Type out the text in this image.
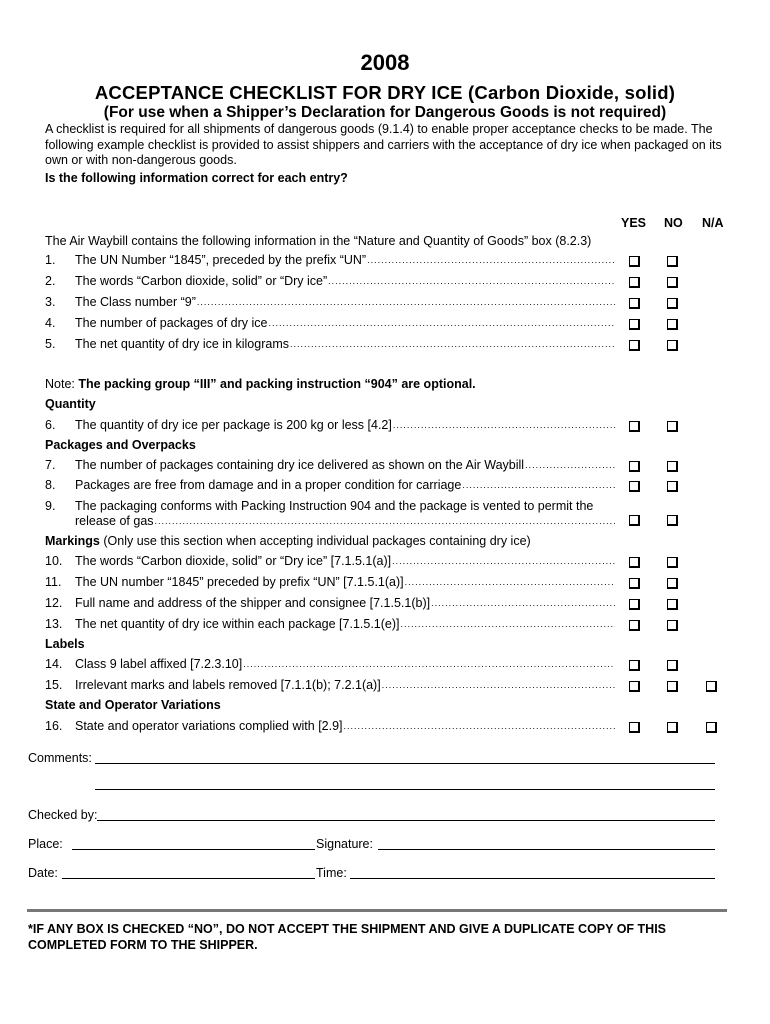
2008
ACCEPTANCE CHECKLIST FOR DRY ICE (Carbon Dioxide, solid)
(For use when a Shipper’s Declaration for Dangerous Goods is not required)
A checklist is required for all shipments of dangerous goods (9.1.4) to enable proper acceptance checks to be made. The following example checklist is provided to assist shippers and carriers with the acceptance of dry ice when packaged on its own or with non-dangerous goods.
Is the following information correct for each entry?
YES NO N/A
The Air Waybill contains the following information in the “Nature and Quantity of Goods” box (8.2.3)
1. The UN Number “1845”, preceded by the prefix “UN”
.....
2. The words “Carbon dioxide, solid” or “Dry ice”
.....
3. The Class number “9”
.....
4. The number of packages of dry ice
.....
5. The net quantity of dry ice in kilograms
.....
Note: The packing group “III” and packing instruction “904” are optional.
Quantity
6. The quantity of dry ice per package is 200 kg or less [4.2]
.....
Packages and Overpacks
7. The number of packages containing dry ice delivered as shown on the Air Waybill
.....
8. Packages are free from damage and in a proper condition for carriage
.....
9. The packaging conforms with Packing Instruction 904 and the package is vented to permit the
release of gas
.....
Markings (Only use this section when accepting individual packages containing dry ice)
10. The words “Carbon dioxide, solid” or “Dry ice” [7.1.5.1(a)]
.....
11. The UN number “1845” preceded by prefix “UN” [7.1.5.1(a)]
.....
12. Full name and address of the shipper and consignee [7.1.5.1(b)]
.....
13. The net quantity of dry ice within each package [7.1.5.1(e)]
.....
Labels
14. Class 9 label affixed [7.2.3.10]
.....
15. Irrelevant marks and labels removed [7.1.1(b); 7.2.1(a)]
.....
State and Operator Variations
16. State and operator variations complied with [2.9]
.....
Comments:
Checked by:
Place:	Signature:
Date:	Time:
*IF ANY BOX IS CHECKED “NO”, DO NOT ACCEPT THE SHIPMENT AND GIVE A DUPLICATE COPY OF THIS COMPLETED FORM TO THE SHIPPER.
